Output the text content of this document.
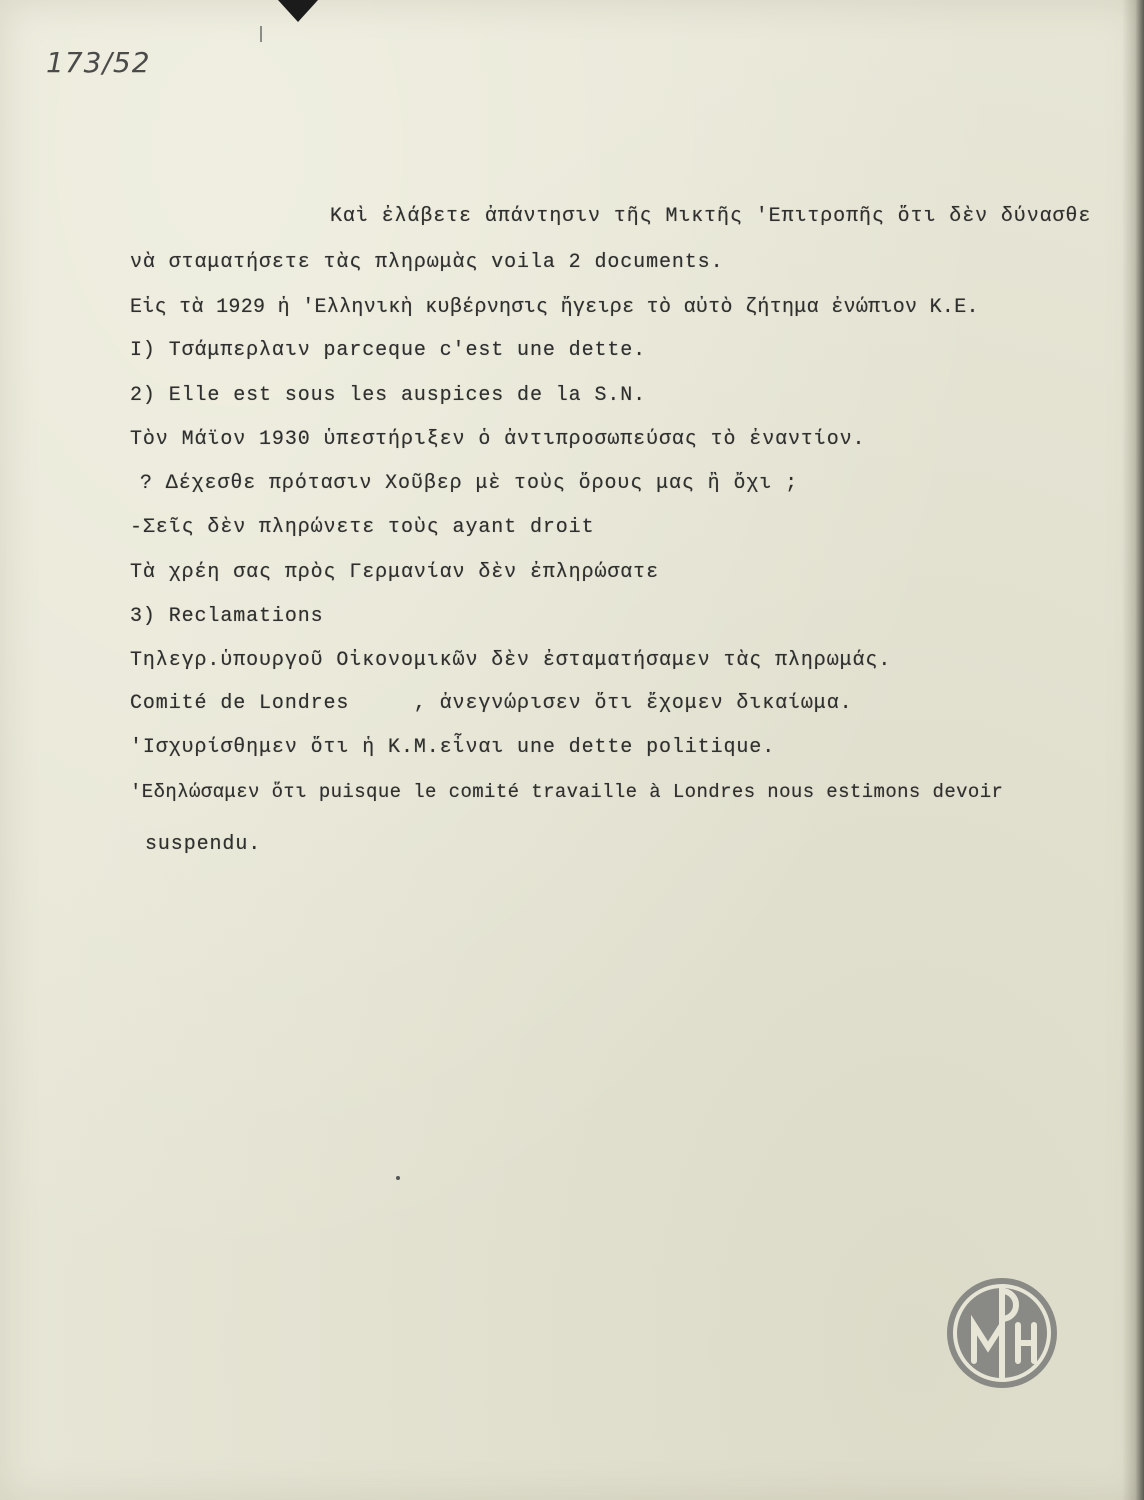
173/52
Καὶ ἐλάβετε ἀπάντησιν τῆς Μικτῆς 'Επιτροπῆς ὅτι δὲν δύνασθε
νὰ σταματήσετε τὰς πληρωμὰς voila 2 documents.
Εἰς τὰ 1929 ἡ 'Ελληνικὴ κυβέρνησις ἤγειρε τὸ αὐτὸ ζήτημα ἐνώπιον Κ.Ε.
I) Τσάμπερλαιν parceque c'est une dette.
2) Elle est sous les auspices de la S.N.
Τὸν Μάϊον 1930 ὑπεστήριξεν ὁ ἀντιπροσωπεύσας τὸ ἐναντίον.
? Δέχεσθε πρότασιν Χοῦβερ μὲ τοὺς ὅρους μας ἢ ὄχι ;
-Σεῖς δὲν πληρώνετε τοὺς ayant droit
Τὰ χρέη σας πρὸς Γερμανίαν δὲν ἐπληρώσατε
3) Reclamations
Τηλεγρ.ὑπουργοῦ Οἰκονομικῶν δὲν ἐσταματήσαμεν τὰς πληρωμάς.
Comité de Londres     , ἀνεγνώρισεν ὅτι ἔχομεν δικαίωμα.
'Ισχυρίσθημεν ὅτι ἡ Κ.Μ.εἶναι une dette politique.
'Εδηλώσαμεν ὅτι puisque le comité travaille à Londres nous estimons devoir
suspendu.
